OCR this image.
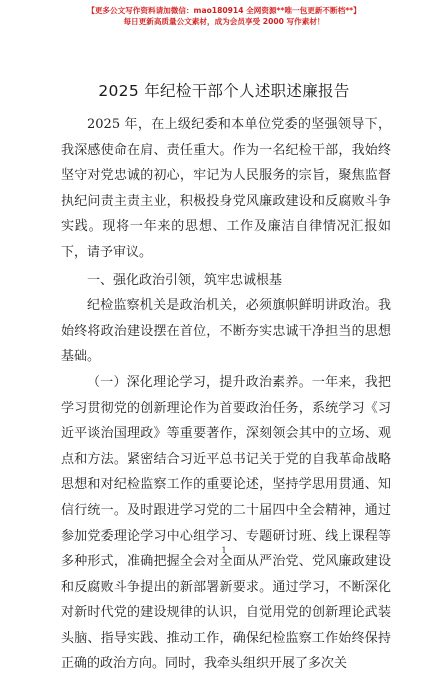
【更多公文写作资料请加微信：mao180914 全网资源**唯一包更新不断档**】
每日更新高质量公文素材，成为会员享受 2000 写作素材！
2025 年纪检干部个人述职述廉报告

2025 年，在上级纪委和本单位党委的坚强领导下，我深感使命在肩、责任重大。作为一名纪检干部，我始终坚守对党忠诚的初心，牢记为人民服务的宗旨，聚焦监督执纪问责主责主业，积极投身党风廉政建设和反腐败斗争实践。现将一年来的思想、工作及廉洁自律情况汇报如下，请予审议。

一、强化政治引领，筑牢忠诚根基

纪检监察机关是政治机关，必须旗帜鲜明讲政治。我始终将政治建设摆在首位，不断夯实忠诚干净担当的思想基础。

（一）深化理论学习，提升政治素养。一年来，我把学习贯彻党的创新理论作为首要政治任务，系统学习《习近平谈治国理政》等重要著作，深刻领会其中的立场、观点和方法。紧密结合习近平总书记关于党的自我革命战略思想和对纪检监察工作的重要论述，坚持学思用贯通、知信行统一。及时跟进学习党的二十届四中全会精神，通过参加党委理论学习中心组学习、专题研讨班、线上课程等多种形式，准确把握全会对全面从严治党、党风廉政建设和反腐败斗争提出的新部署新要求。通过学习，不断深化对新时代党的建设规律的认识，自觉用党的创新理论武装头脑、指导实践、推动工作，确保纪检监察工作始终保持正确的政治方向。同时，我牵头组织开展了多次关

1
